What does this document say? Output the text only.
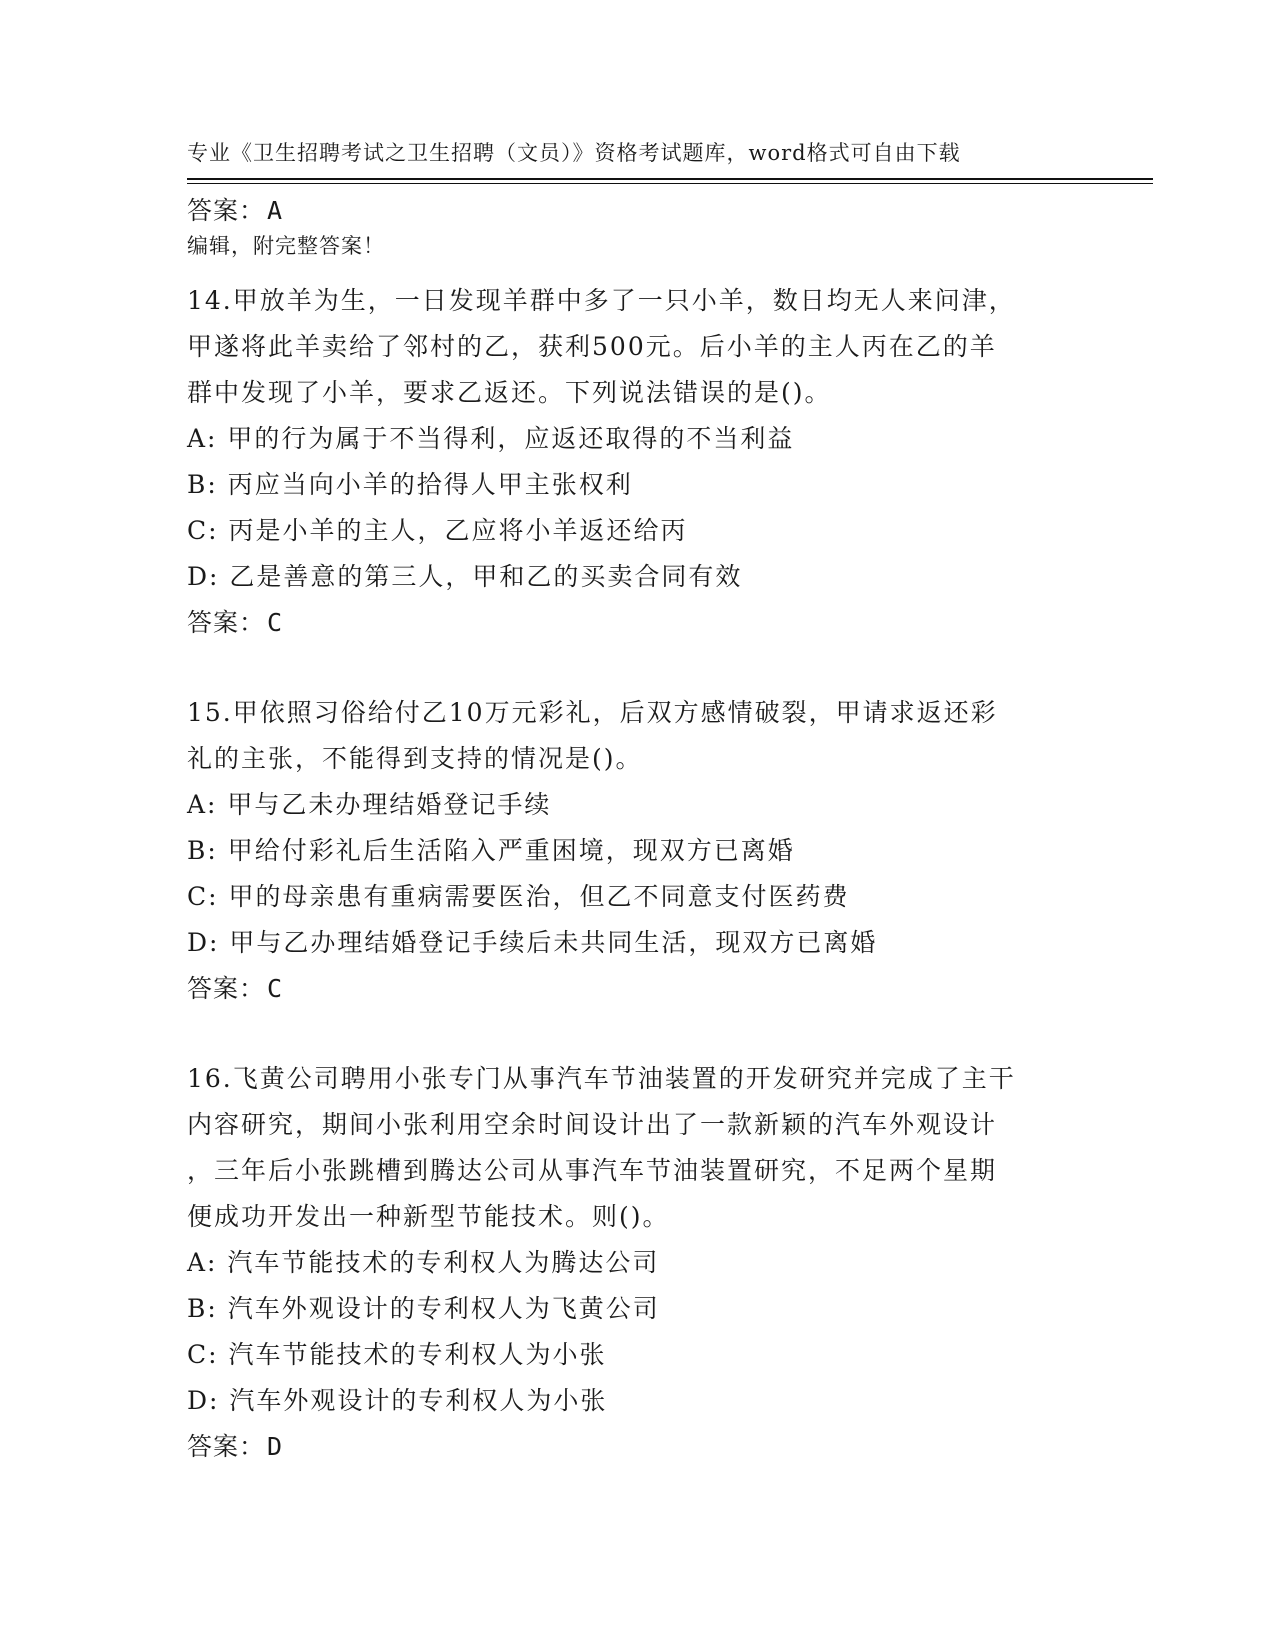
专业《卫生招聘考试之卫生招聘（文员）》资格考试题库，word格式可自由下载

编辑，附完整答案！

答案：A
14.甲放羊为生，一日发现羊群中多了一只小羊，数日均无人来问津，
甲遂将此羊卖给了邻村的乙，获利500元。后小羊的主人丙在乙的羊
群中发现了小羊，要求乙返还。下列说法错误的是()。
A: 甲的行为属于不当得利，应返还取得的不当利益
B: 丙应当向小羊的拾得人甲主张权利
C: 丙是小羊的主人，乙应将小羊返还给丙
D: 乙是善意的第三人，甲和乙的买卖合同有效
答案：C
15.甲依照习俗给付乙10万元彩礼，后双方感情破裂，甲请求返还彩
礼的主张，不能得到支持的情况是()。
A: 甲与乙未办理结婚登记手续
B: 甲给付彩礼后生活陷入严重困境，现双方已离婚
C: 甲的母亲患有重病需要医治，但乙不同意支付医药费
D: 甲与乙办理结婚登记手续后未共同生活，现双方已离婚
答案：C
16.飞黄公司聘用小张专门从事汽车节油装置的开发研究并完成了主干
内容研究，期间小张利用空余时间设计出了一款新颖的汽车外观设计
，三年后小张跳槽到腾达公司从事汽车节油装置研究，不足两个星期
便成功开发出一种新型节能技术。则()。
A: 汽车节能技术的专利权人为腾达公司
B: 汽车外观设计的专利权人为飞黄公司
C: 汽车节能技术的专利权人为小张
D: 汽车外观设计的专利权人为小张
答案：D
